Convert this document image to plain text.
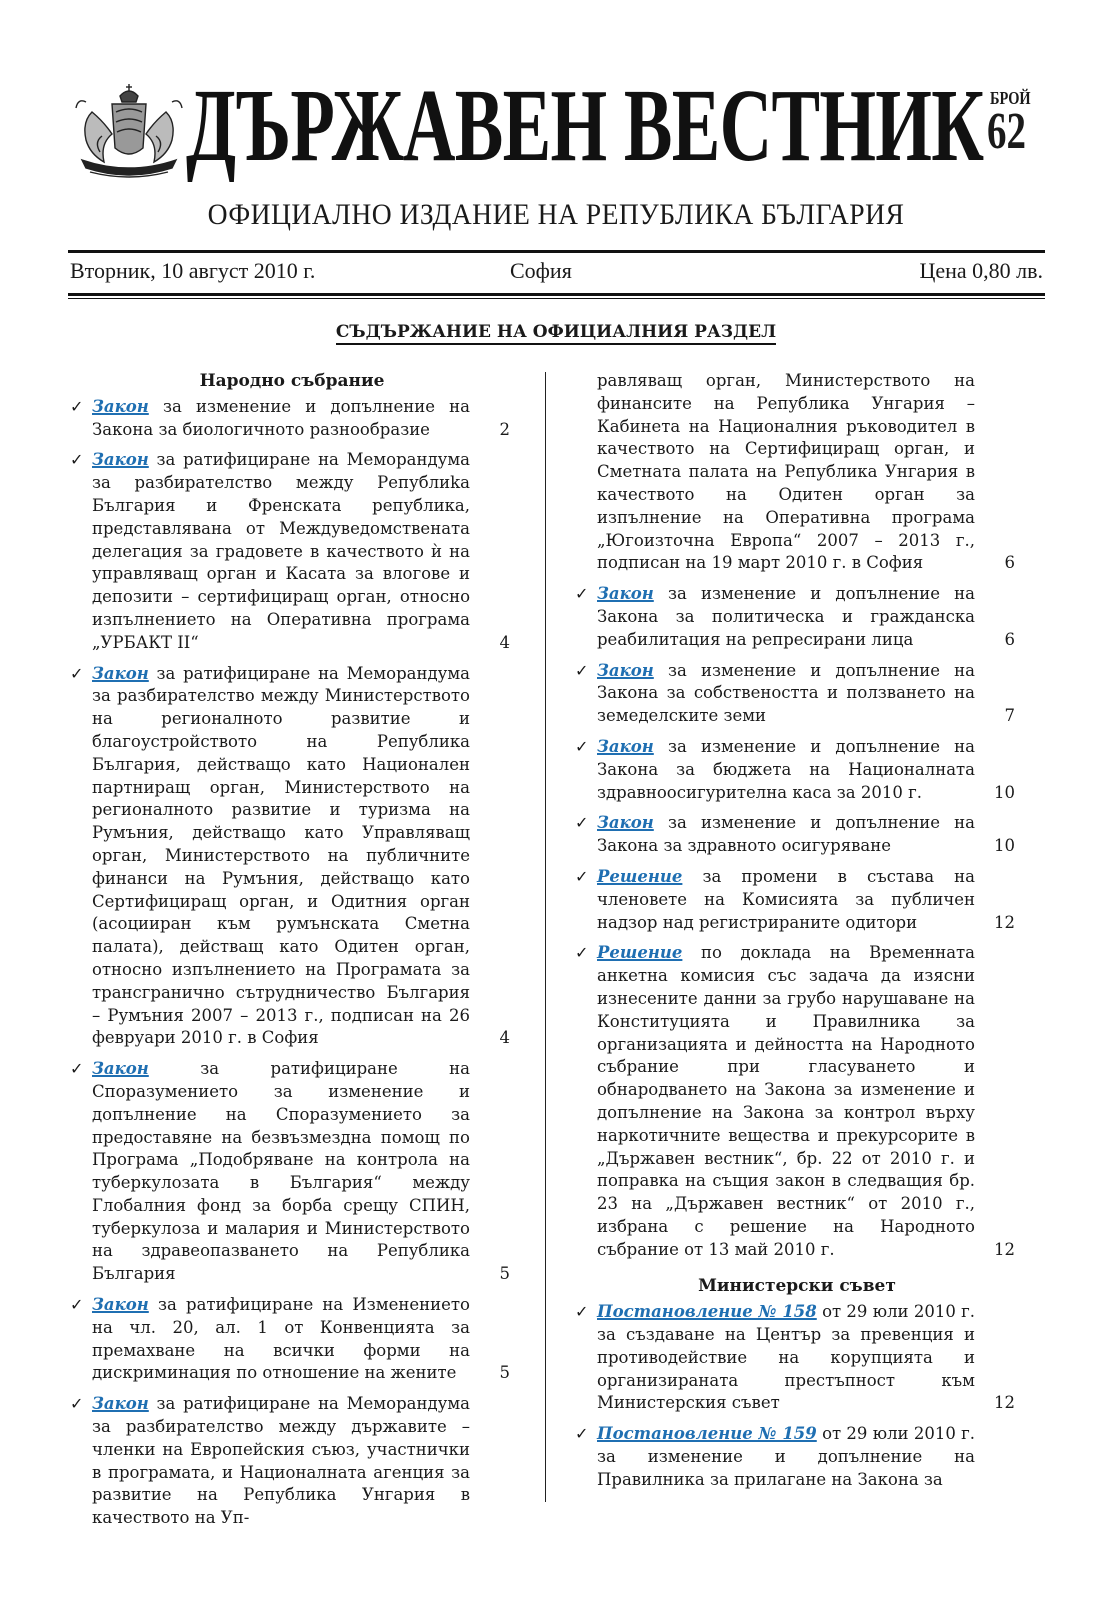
ДЪРЖАВЕН ВЕСТНИК БРОЙ
62
ОФИЦИАЛНО ИЗДАНИЕ НА РЕПУБЛИКА БЪЛГАРИЯ
Вторник, 10 август 2010 г.	София	Цена 0,80 лв.
СЪДЪРЖАНИЕ НА ОФИЦИАЛНИЯ РАЗДЕЛ
Народно събрание
✓ Закон за изменение и допълнение на Закона за биологичното разнообразие	2
✓ Закон за ратифициране на Меморандума за разбирателство между Републиka България и Френската република, представлявана от Междуведомствената делегация за градовете в качеството ѝ на управляващ орган и Касата за влогове и депозити – сертифициращ орган, относно изпълнението на Оперативна програма „УРБАКТ II“	4
✓ Закон за ратифициране на Меморандума за разбирателство между Министерството на регионалното развитие и благоустройството на Република България, действащо като Национален партниращ орган, Министерството на регионалното развитие и туризма на Румъния, действащо като Управляващ орган, Министерството на публичните финанси на Румъния, действащо като Сертифициращ орган, и Одитния орган (асоцииран към румънската Сметна палата), действащ като Одитен орган, относно изпълнението на Програмата за трансгранично сътрудничество България – Румъния 2007 – 2013 г., подписан на 26 февруари 2010 г. в София	4
✓ Закон	за ратифициране на Споразумението за изменение и допълнение на Споразумението за предоставяне на безвъзмездна помощ по Програма „Подобряване на контрола на туберкулозата в България“ между Глобалния фонд за борба срещу СПИН, туберкулоза и малария и Министерството на здравеопазването на Република България	5
✓ Закон за ратифициране на Изменението на чл. 20, ал. 1 от Конвенцията за премахване на всички форми на дискриминация по отношение на жените	5
✓ Закон за ратифициране на Меморандума за разбирателство между държавите – членки на Европейския съюз, участнички в програмата, и Националната агенция за развитие на Република Унгария в качеството на Уп-
равляващ орган, Министерството на финансите на Република Унгария – Кабинета на Националния ръководител в качеството на Сертифициращ орган, и Сметната палата на Република Унгария в качеството на Одитен орган за изпълнение на Оперативна програма „Югоизточна Европа“ 2007 – 2013 г., подписан на 19 март 2010 г. в София	6
✓ Закон за изменение и допълнение на Закона за политическа и гражданска реабилитация на репресирани лица	6
✓ Закон за изменение и допълнение на Закона за собствеността и ползването на земеделските земи	7
✓ Закон за изменение и допълнение на Закона за бюджета на Националната здравноосигурителна каса за 2010 г.	10
✓ Закон за изменение и допълнение на Закона за здравното осигуряване	10
✓ Решение за промени в състава на членовете на Комисията за публичен надзор над регистрираните одитори	12
✓ Решение по доклада на Временната анкетна комисия със задача да изясни изнесените данни за грубо нарушаване на Конституцията и Правилника за организацията и дейността на Народното събрание при гласуването и обнародването на Закона за изменение и допълнение на Закона за контрол върху наркотичните вещества и прекурсорите в „Държавен вестник“, бр. 22 от 2010 г. и поправка на същия закон в следващия бр. 23 на „Държавен вестник“ от 2010 г., избрана с решение на Народното събрание от 13 май 2010 г.	12
Министерски съвет
✓ Постановление № 158 от 29 юли 2010 г. за създаване на Център за превенция и противодействие на корупцията и организираната престъпност към Министерския съвет	12
✓ Постановление № 159 от 29 юли 2010 г. за изменение и допълнение на Правилника за прилагане на Закона за
